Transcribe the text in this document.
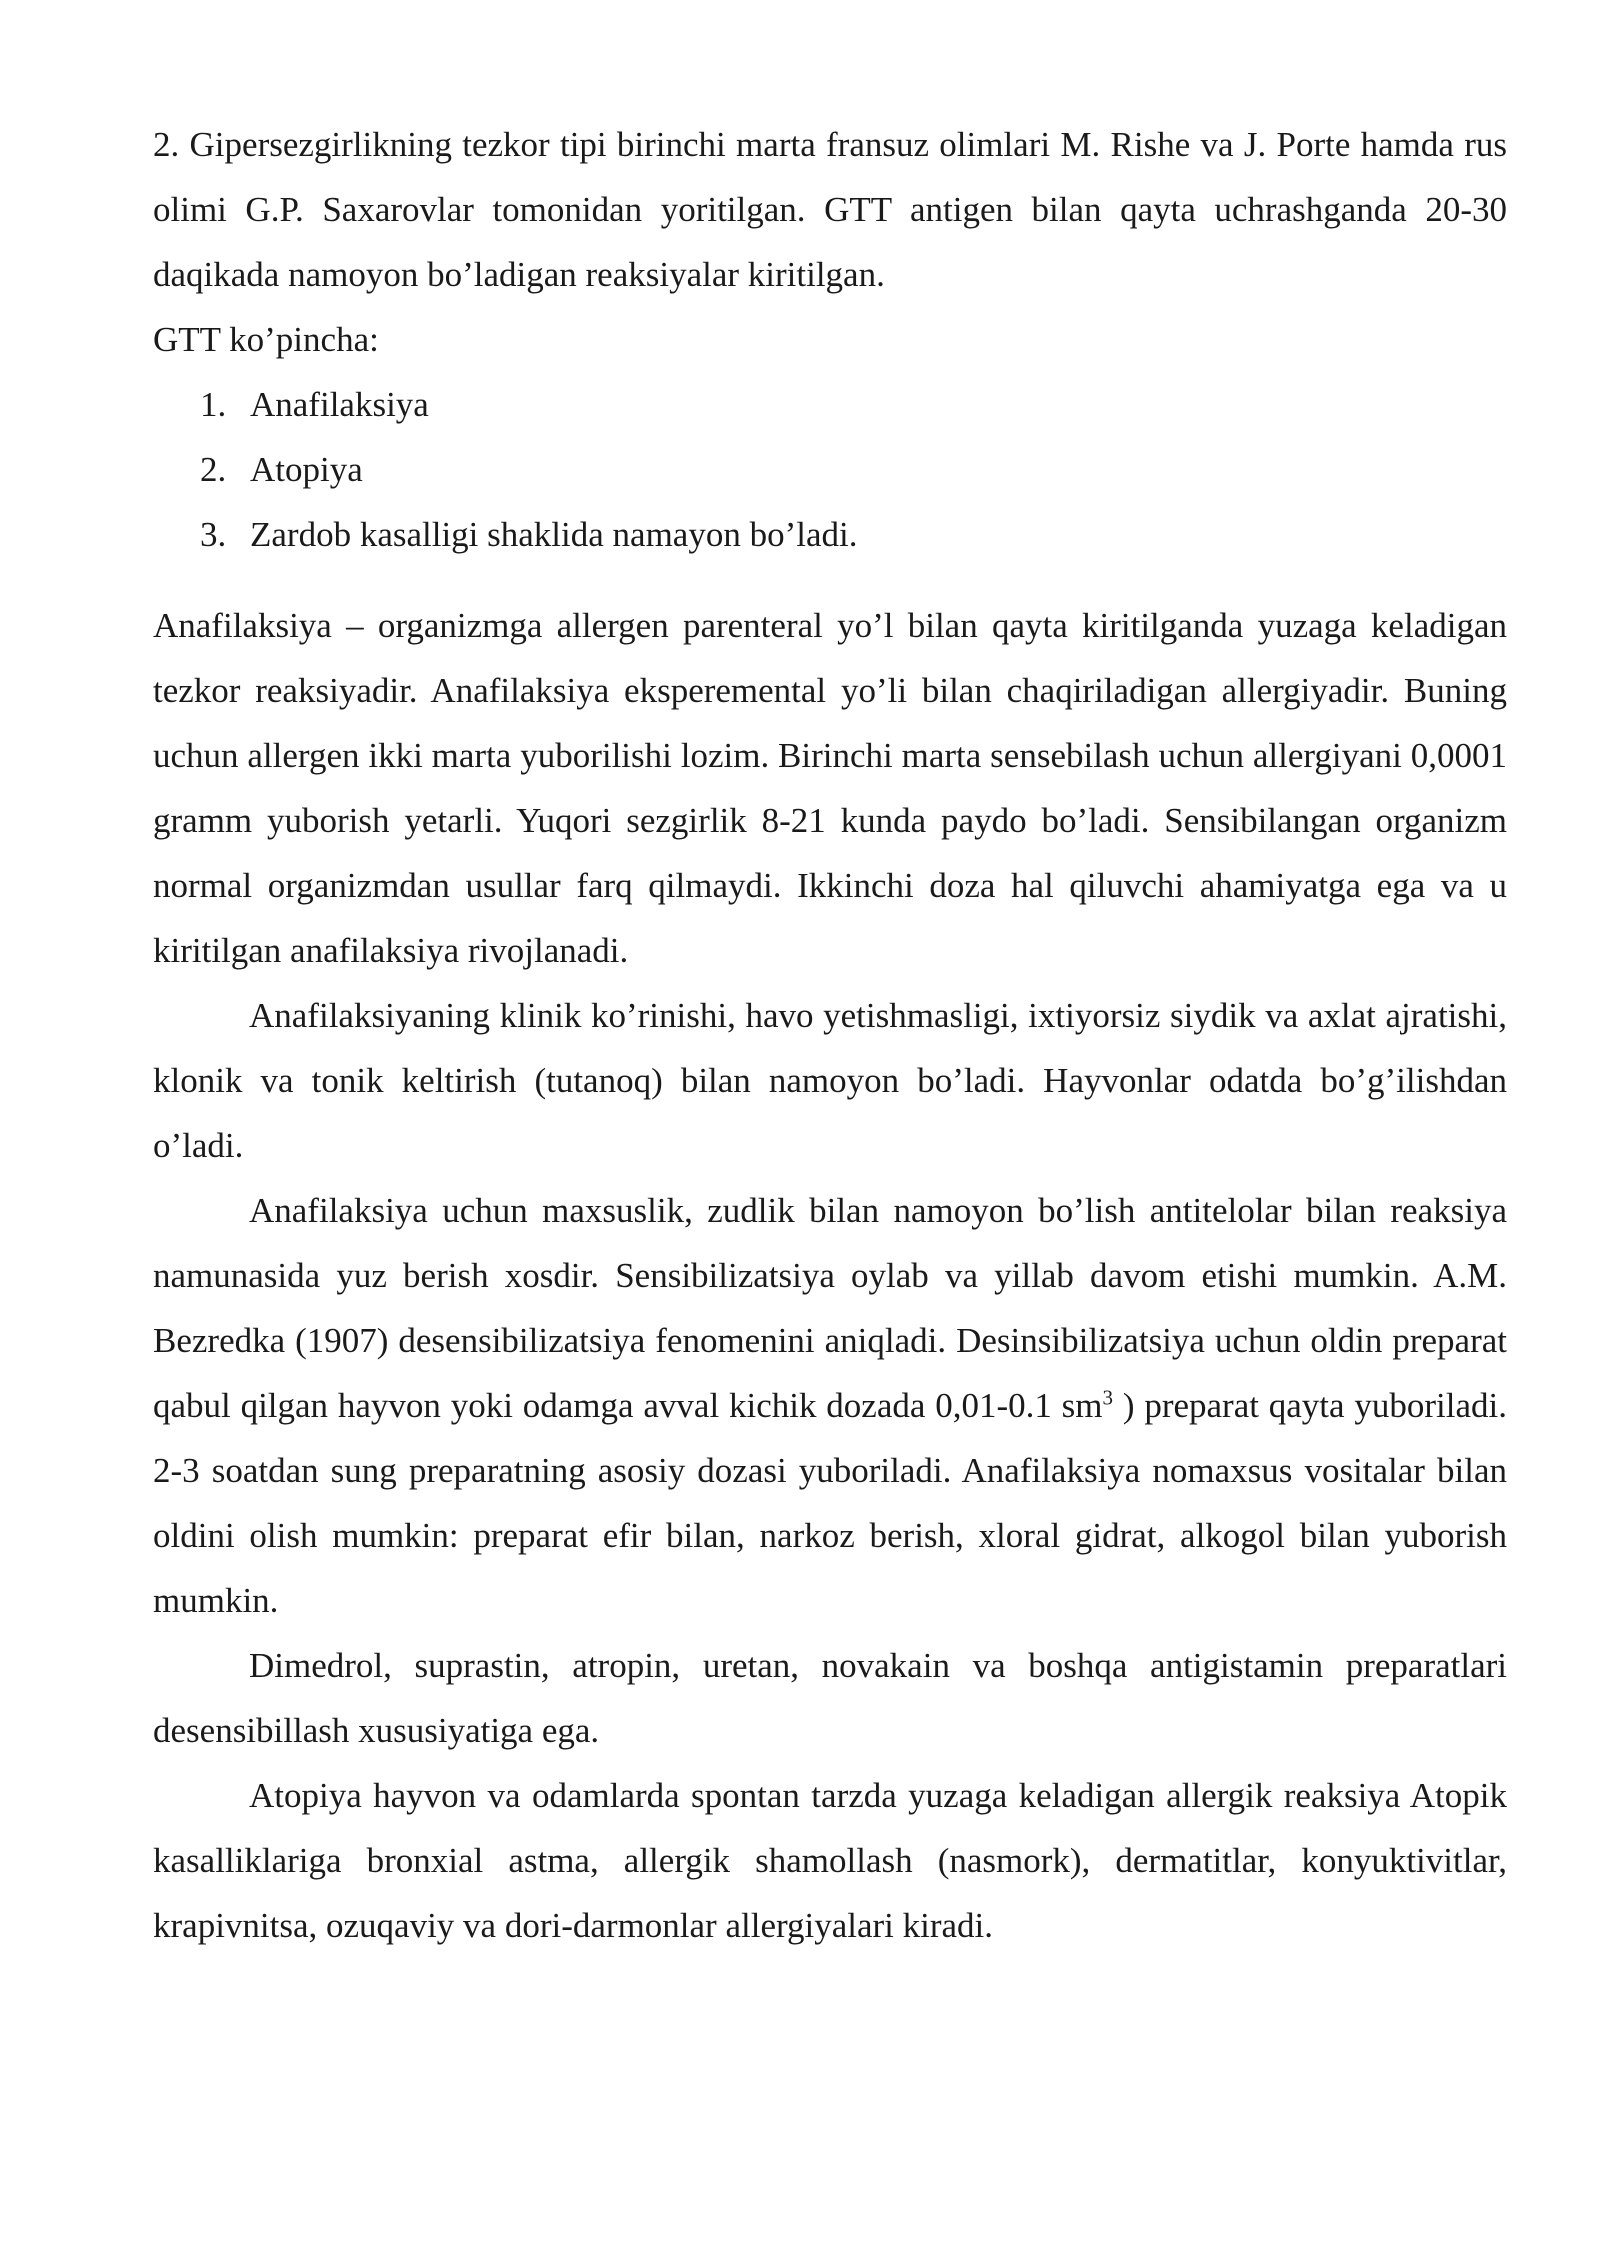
2. Gipersezgirlikning tezkor tipi birinchi marta fransuz olimlari M. Rishe va J. Porte hamda rus olimi G.P. Saxarovlar tomonidan yoritilgan. GTT antigen bilan qayta uchrashganda 20-30 daqikada namoyon bo’ladigan reaksiyalar kiritilgan.

GTT ko’pincha:

1. Anafilaksiya
2. Atopiya
3. Zardob kasalligi shaklida namayon bo’ladi.

Anafilaksiya – organizmga allergen parenteral yo’l bilan qayta kiritilganda yuzaga keladigan tezkor reaksiyadir. Anafilaksiya eksperemental yo’li bilan chaqiriladigan allergiyadir. Buning uchun allergen ikki marta yuborilishi lozim. Birinchi marta sensebilash uchun allergiyani 0,0001 gramm yuborish yetarli. Yuqori sezgirlik 8-21 kunda paydo bo’ladi. Sensibilangan organizm normal organizmdan usullar farq qilmaydi. Ikkinchi doza hal qiluvchi ahamiyatga ega va u kiritilgan anafilaksiya rivojlanadi.

Anafilaksiyaning klinik ko’rinishi, havo yetishmasligi, ixtiyorsiz siydik va axlat ajratishi, klonik va tonik keltirish (tutanoq) bilan namoyon bo’ladi. Hayvonlar odatda bo’g’ilishdan o’ladi.

Anafilaksiya uchun maxsuslik, zudlik bilan namoyon bo’lish antitelolar bilan reaksiya namunasida yuz berish xosdir. Sensibilizatsiya oylab va yillab davom etishi mumkin. A.M. Bezredka (1907) desensibilizatsiya fenomenini aniqladi. Desinsibilizatsiya uchun oldin preparat qabul qilgan hayvon yoki odamga avval kichik dozada 0,01-0.1 $sm^3$ ) preparat qayta yuboriladi. 2-3 soatdan sung preparatning asosiy dozasi yuboriladi. Anafilaksiya nomaxsus vositalar bilan oldini olish mumkin: preparat efir bilan, narkoz berish, xloral gidrat, alkogol bilan yuborish mumkin.

Dimedrol, suprastin, atropin, uretan, novakain va boshqa antigistamin preparatlari desensibillash xususiyatiga ega.

Atopiya hayvon va odamlarda spontan tarzda yuzaga keladigan allergik reaksiya Atopik kasalliklariga bronxial astma, allergik shamollash (nasmork), dermatitlar, konyuktivitlar, krapivnitsa, ozuqaviy va dori-darmonlar allergiyalari kiradi.
